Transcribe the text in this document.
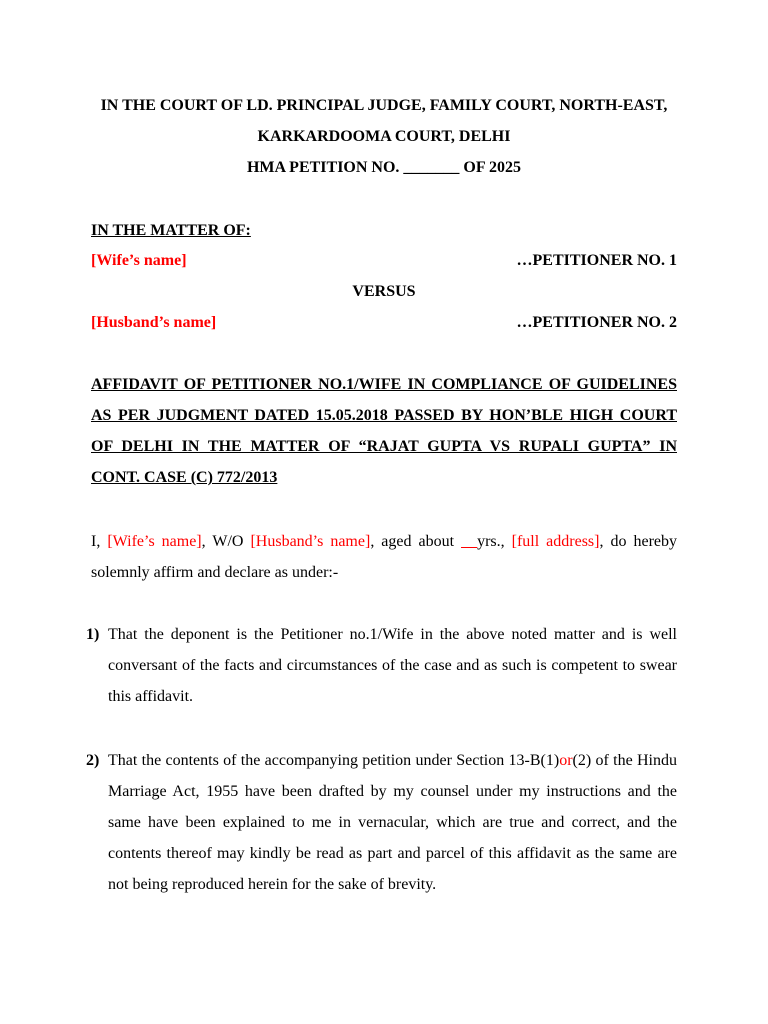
IN THE COURT OF LD. PRINCIPAL JUDGE, FAMILY COURT, NORTH-EAST, KARKARDOOMA COURT, DELHI
HMA PETITION NO. _______ OF 2025
IN THE MATTER OF:
[Wife’s name]	…PETITIONER NO. 1
VERSUS
[Husband’s name]	…PETITIONER NO. 2
AFFIDAVIT OF PETITIONER NO.1/WIFE IN COMPLIANCE OF GUIDELINES AS PER JUDGMENT DATED 15.05.2018 PASSED BY HON’BLE HIGH COURT OF DELHI IN THE MATTER OF “RAJAT GUPTA VS RUPALI GUPTA” IN CONT. CASE (C) 772/2013
I, [Wife’s name], W/O [Husband’s name], aged about __yrs., [full address], do hereby solemnly affirm and declare as under:-
1) That the deponent is the Petitioner no.1/Wife in the above noted matter and is well conversant of the facts and circumstances of the case and as such is competent to swear this affidavit.
2) That the contents of the accompanying petition under Section 13-B(1)or(2) of the Hindu Marriage Act, 1955 have been drafted by my counsel under my instructions and the same have been explained to me in vernacular, which are true and correct, and the contents thereof may kindly be read as part and parcel of this affidavit as the same are not being reproduced herein for the sake of brevity.
